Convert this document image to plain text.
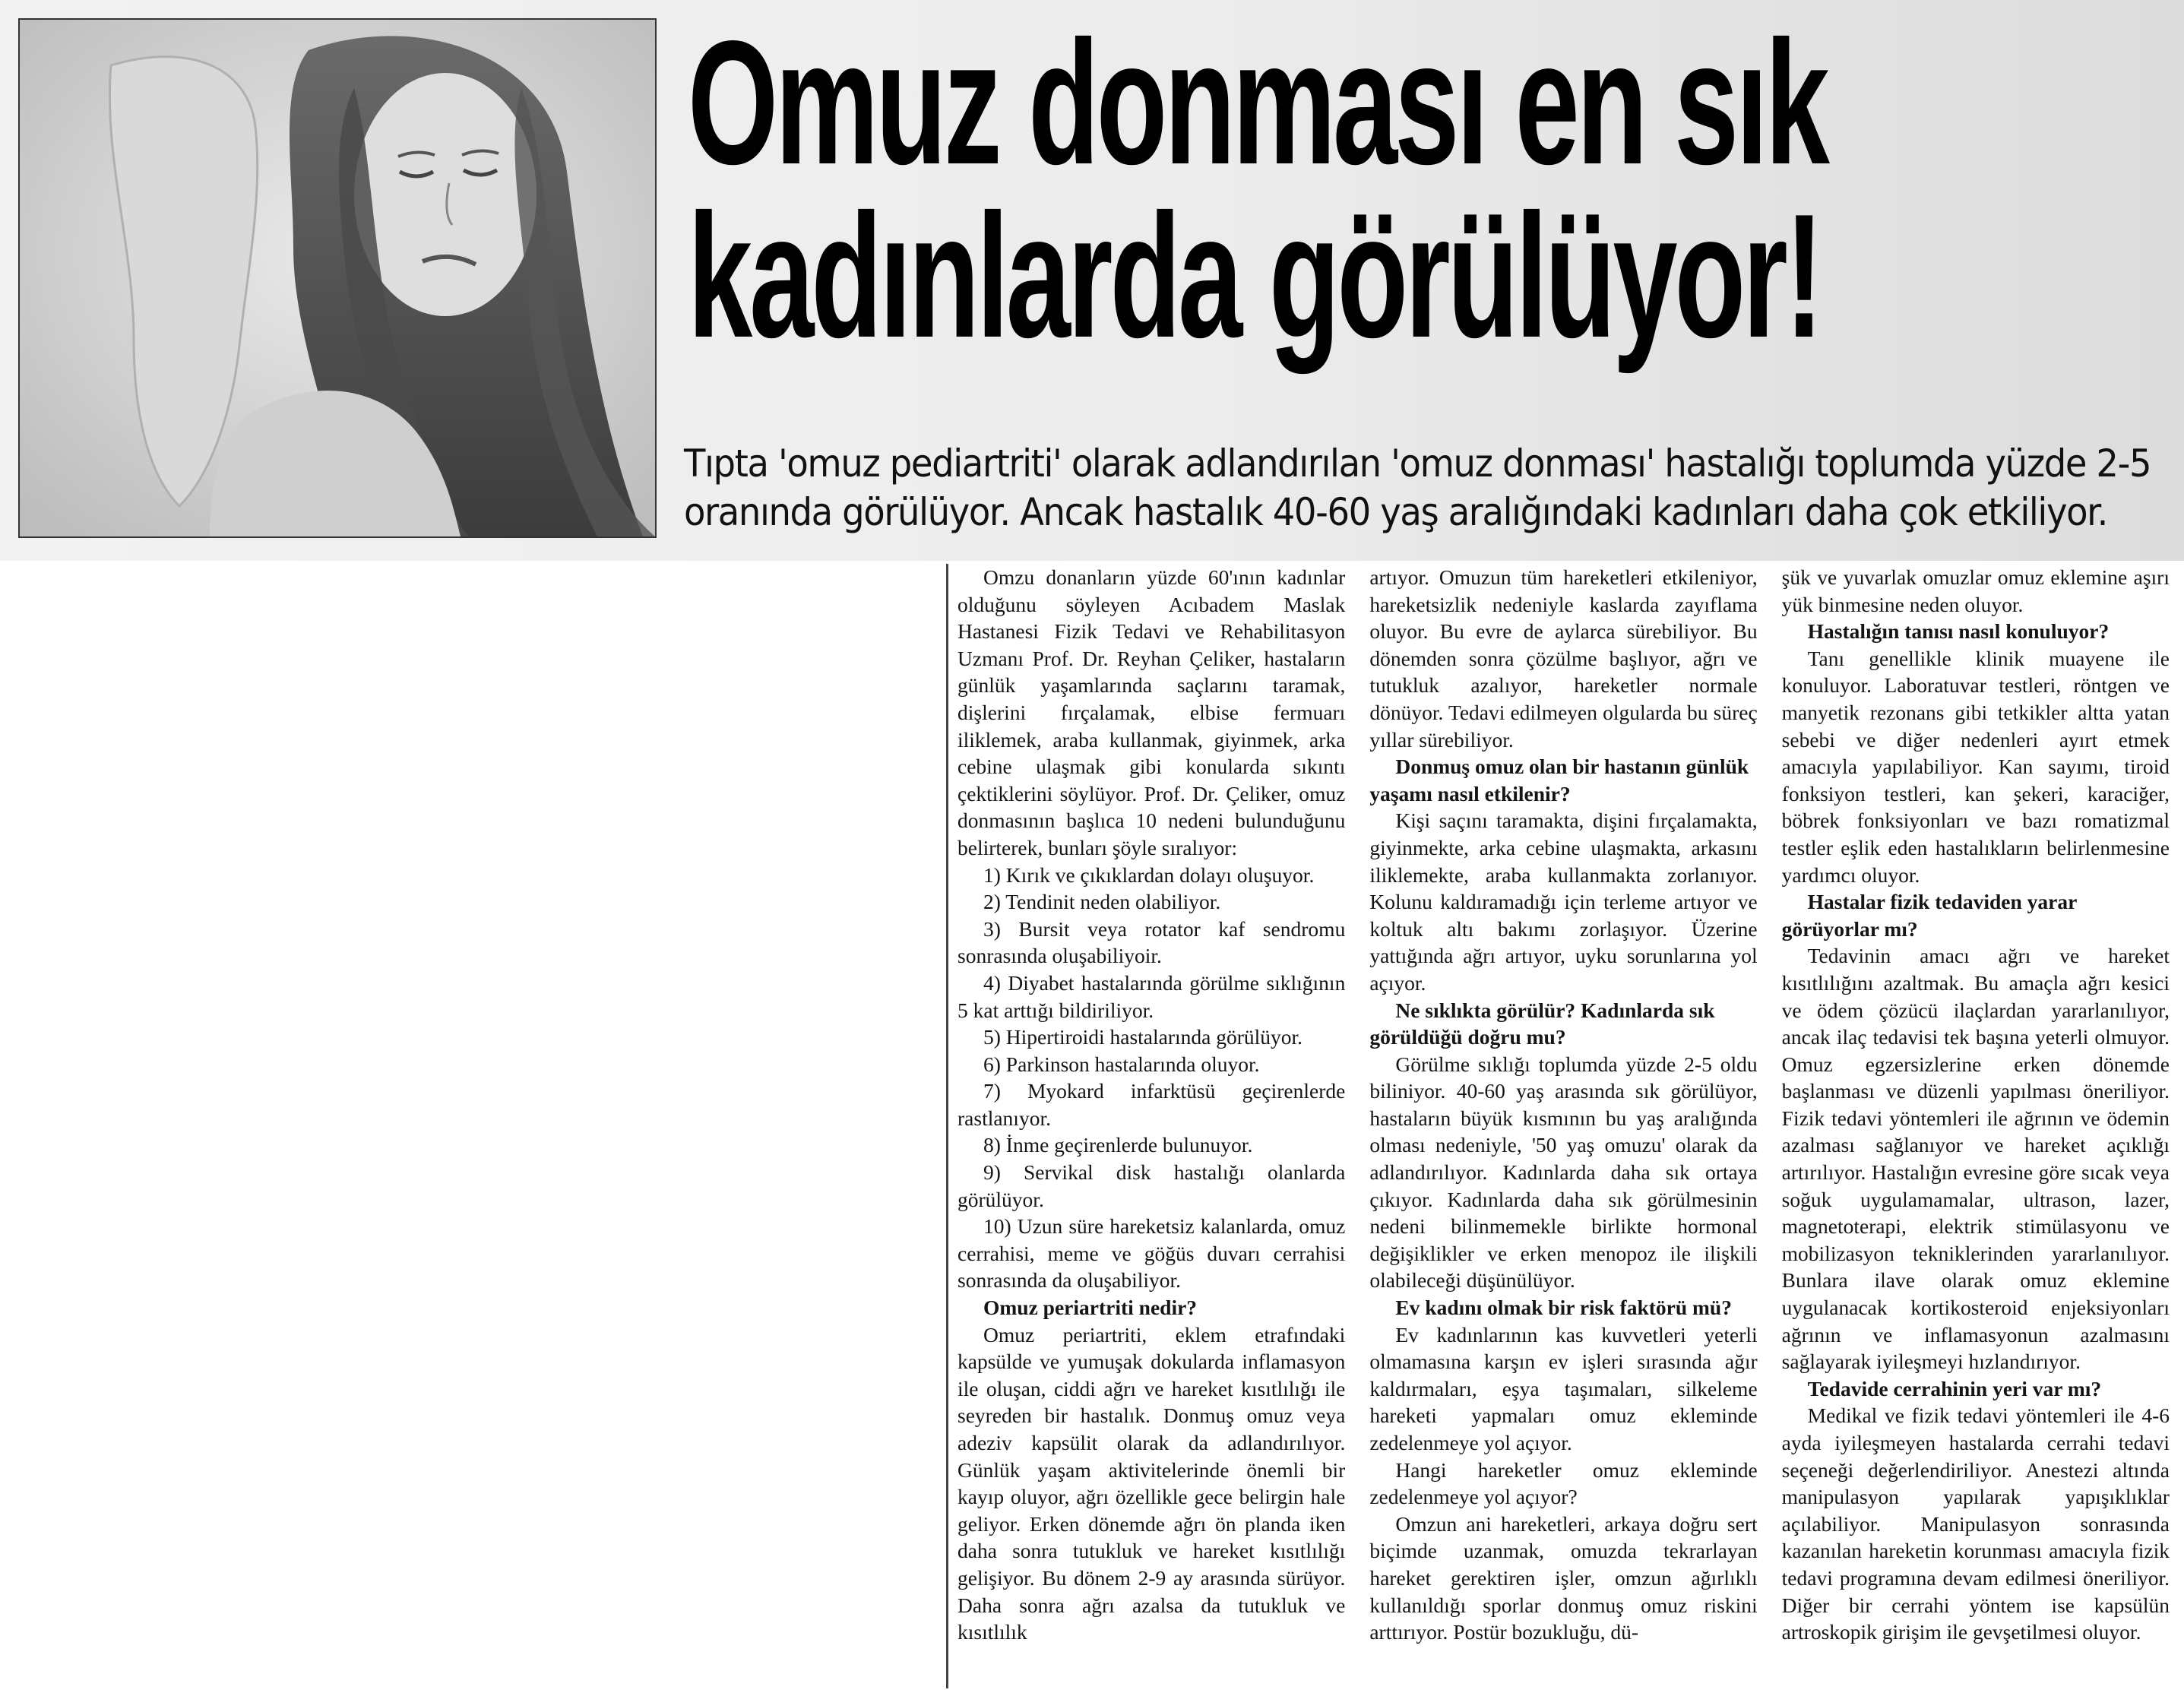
Omuz donması en sık
kadınlarda görülüyor!

Tıpta 'omuz pediartriti' olarak adlandırılan 'omuz donması' hastalığı toplumda yüzde 2-5
oranında görülüyor. Ancak hastalık 40-60 yaş aralığındaki kadınları daha çok etkiliyor.

Omzu donanların yüzde 60'ının kadınlar olduğunu söyleyen Acıbadem Maslak Hastanesi Fizik Tedavi ve Rehabilitasyon Uzmanı Prof. Dr. Reyhan Çeliker, hastaların günlük yaşamlarında saçlarını taramak, dişlerini fırçalamak, elbise fermuarı iliklemek, araba kullanmak, giyinmek, arka cebine ulaşmak gibi konularda sıkıntı çektiklerini söylüyor. Prof. Dr. Çeliker, omuz donmasının başlıca 10 nedeni bulunduğunu belirterek, bunları şöyle sıralıyor:

1) Kırık ve çıkıklardan dolayı oluşuyor.

2) Tendinit neden olabiliyor.

3) Bursit veya rotator kaf sendromu sonrasında oluşabiliyoir.

4) Diyabet hastalarında görülme sıklığının 5 kat arttığı bildiriliyor.

5) Hipertiroidi hastalarında görülüyor.

6) Parkinson hastalarında oluyor.

7) Myokard infarktüsü geçirenlerde rastlanıyor.

8) İnme geçirenlerde bulunuyor.

9) Servikal disk hastalığı olanlarda görülüyor.

10) Uzun süre hareketsiz kalanlarda, omuz cerrahisi, meme ve göğüs duvarı cerrahisi sonrasında da oluşabiliyor.

Omuz periartriti nedir?

Omuz periartriti, eklem etrafındaki kapsülde ve yumuşak dokularda inflamasyon ile oluşan, ciddi ağrı ve hareket kısıtlılığı ile seyreden bir hastalık. Donmuş omuz veya adeziv kapsülit olarak da adlandırılıyor. Günlük yaşam aktivitelerinde önemli bir kayıp oluyor, ağrı özellikle gece belirgin hale geliyor. Erken dönemde ağrı ön planda iken daha sonra tutukluk ve hareket kısıtlılığı gelişiyor. Bu dönem 2-9 ay arasında sürüyor. Daha sonra ağrı azalsa da tutukluk ve kısıtlılık

artıyor. Omuzun tüm hareketleri etkileniyor, hareketsizlik nedeniyle kaslarda zayıflama oluyor. Bu evre de aylarca sürebiliyor. Bu dönemden sonra çözülme başlıyor, ağrı ve tutukluk azalıyor, hareketler normale dönüyor. Tedavi edilmeyen olgularda bu süreç yıllar sürebiliyor.

Donmuş omuz olan bir hastanın günlük yaşamı nasıl etkilenir?

Kişi saçını taramakta, dişini fırçalamakta, giyinmekte, arka cebine ulaşmakta, arkasını iliklemekte, araba kullanmakta zorlanıyor. Kolunu kaldıramadığı için terleme artıyor ve koltuk altı bakımı zorlaşıyor. Üzerine yattığında ağrı artıyor, uyku sorunlarına yol açıyor.

Ne sıklıkta görülür? Kadınlarda sık görüldüğü doğru mu?

Görülme sıklığı toplumda yüzde 2-5 oldu biliniyor. 40-60 yaş arasında sık görülüyor, hastaların büyük kısmının bu yaş aralığında olması nedeniyle, '50 yaş omuzu' olarak da adlandırılıyor. Kadınlarda daha sık ortaya çıkıyor. Kadınlarda daha sık görülmesinin nedeni bilinmemekle birlikte hormonal değişiklikler ve erken menopoz ile ilişkili olabileceği düşünülüyor.

Ev kadını olmak bir risk faktörü mü?

Ev kadınlarının kas kuvvetleri yeterli olmamasına karşın ev işleri sırasında ağır kaldırmaları, eşya taşımaları, silkeleme hareketi yapmaları omuz ekleminde zedelenmeye yol açıyor.

Hangi hareketler omuz ekleminde zedelenmeye yol açıyor?

Omzun ani hareketleri, arkaya doğru sert biçimde uzanmak, omuzda tekrarlayan hareket gerektiren işler, omzun ağırlıklı kullanıldığı sporlar donmuş omuz riskini arttırıyor. Postür bozukluğu, dü-

şük ve yuvarlak omuzlar omuz eklemine aşırı yük binmesine neden oluyor.

Hastalığın tanısı nasıl konuluyor?

Tanı genellikle klinik muayene ile konuluyor. Laboratuvar testleri, röntgen ve manyetik rezonans gibi tetkikler altta yatan sebebi ve diğer nedenleri ayırt etmek amacıyla yapılabiliyor. Kan sayımı, tiroid fonksiyon testleri, kan şekeri, karaciğer, böbrek fonksiyonları ve bazı romatizmal testler eşlik eden hastalıkların belirlenmesine yardımcı oluyor.

Hastalar fizik tedaviden yarar görüyorlar mı?

Tedavinin amacı ağrı ve hareket kısıtlılığını azaltmak. Bu amaçla ağrı kesici ve ödem çözücü ilaçlardan yararlanılıyor, ancak ilaç tedavisi tek başına yeterli olmuyor. Omuz egzersizlerine erken dönemde başlanması ve düzenli yapılması öneriliyor. Fizik tedavi yöntemleri ile ağrının ve ödemin azalması sağlanıyor ve hareket açıklığı artırılıyor. Hastalığın evresine göre sıcak veya soğuk uygulamamalar, ultrason, lazer, magnetoterapi, elektrik stimülasyonu ve mobilizasyon tekniklerinden yararlanılıyor. Bunlara ilave olarak omuz eklemine uygulanacak kortikosteroid enjeksiyonları ağrının ve inflamasyonun azalmasını sağlayarak iyileşmeyi hızlandırıyor.

Tedavide cerrahinin yeri var mı?

Medikal ve fizik tedavi yöntemleri ile 4-6 ayda iyileşmeyen hastalarda cerrahi tedavi seçeneği değerlendiriliyor. Anestezi altında manipulasyon yapılarak yapışıklıklar açılabiliyor. Manipulasyon sonrasında kazanılan hareketin korunması amacıyla fizik tedavi programına devam edilmesi öneriliyor. Diğer bir cerrahi yöntem ise kapsülün artroskopik girişim ile gevşetilmesi oluyor.
